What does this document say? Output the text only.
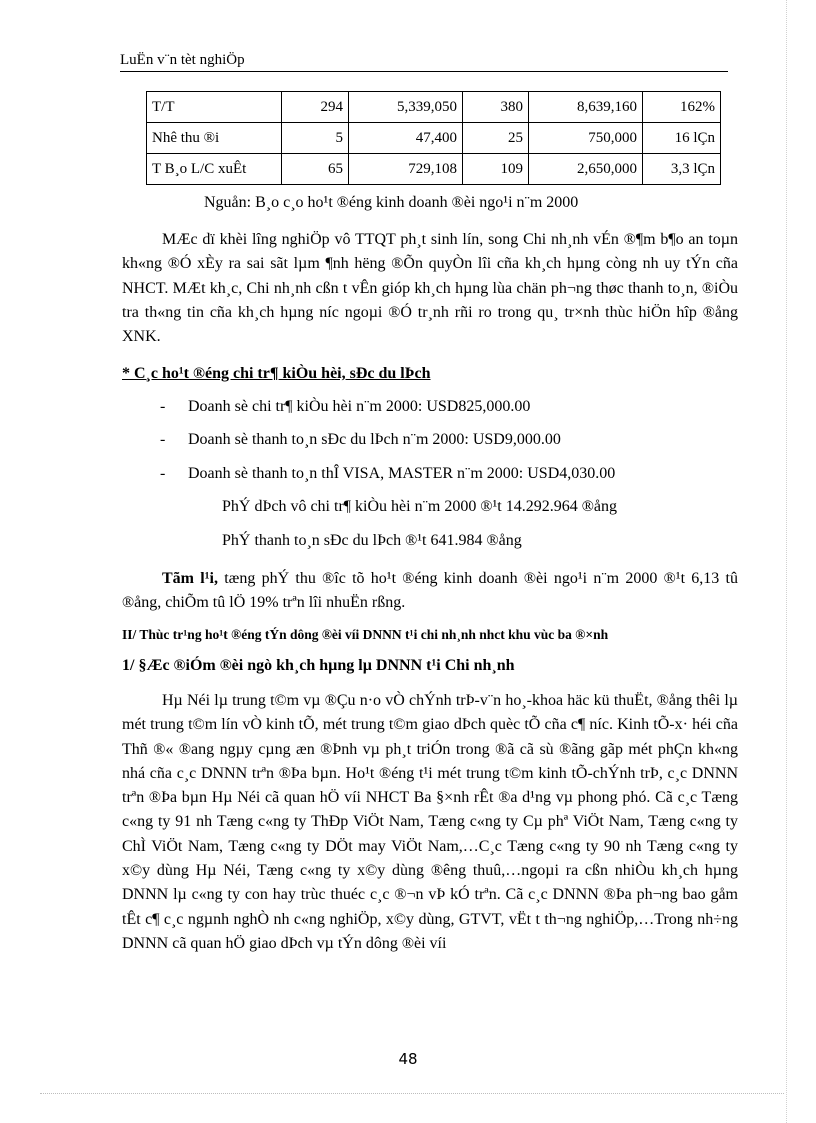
LuËn v¨n tèt nghiÖp
T/T	294	5,339,050	380	8,639,160	162%
Nhê thu ®i	5	47,400	25	750,000	16 lÇn
T B¸o L/C xuÊt	65	729,108	109	2,650,000	3,3 lÇn
Nguån: B¸o c¸o ho¹t ®éng kinh doanh ®èi ngo¹i n¨m 2000
MÆc dï khèi lîng nghiÖp vô TTQT ph¸t sinh lín, song Chi nh¸nh vÉn ®¶m b¶o an toµn kh«ng ®Ó xÈy ra sai sãt lµm ¶nh hëng ®Õn quyÒn lîi cña kh¸ch hµng còng nh uy tÝn cña NHCT. MÆt kh¸c, Chi nh¸nh cßn t vÊn gióp kh¸ch hµng lùa chän ph¬ng thøc thanh to¸n, ®iÒu tra th«ng tin cña kh¸ch hµng níc ngoµi ®Ó tr¸nh rñi ro trong qu¸ tr×nh thùc hiÖn hîp ®ång XNK.
* C¸c ho¹t ®éng chi tr¶ kiÒu hèi, sÐc du lÞch
- Doanh sè chi tr¶ kiÒu hèi n¨m 2000: USD825,000.00
- Doanh sè thanh to¸n sÐc du lÞch n¨m 2000: USD9,000.00
- Doanh sè thanh to¸n thÎ VISA, MASTER n¨m 2000: USD4,030.00
PhÝ dÞch vô chi tr¶ kiÒu hèi n¨m 2000 ®¹t 14.292.964 ®ång
PhÝ thanh to¸n sÐc du lÞch ®¹t 641.984 ®ång
Tãm l¹i, tæng phÝ thu ®îc tõ ho¹t ®éng kinh doanh ®èi ngo¹i n¨m 2000 ®¹t 6,13 tû ®ång, chiÕm tû lÖ 19% trªn lîi nhuËn rßng.
II/ Thùc tr¹ng ho¹t ®éng tÝn dông ®èi víi DNNN t¹i chi nh¸nh nhct khu vùc ba ®×nh
1/ §Æc ®iÓm ®èi ngò kh¸ch hµng lµ DNNN t¹i Chi nh¸nh
Hµ Néi lµ trung t©m vµ ®Çu n·o vÒ chÝnh trÞ-v¨n ho¸-khoa häc kü thuËt, ®ång thêi lµ mét trung t©m lín vÒ kinh tÕ, mét trung t©m giao dÞch quèc tÕ cña c¶ níc. Kinh tÕ-x· héi cña Thñ ®« ®ang ngµy cµng æn ®Þnh vµ ph¸t triÓn trong ®ã cã sù ®ãng gãp mét phÇn kh«ng nhá cña c¸c DNNN trªn ®Þa bµn. Ho¹t ®éng t¹i mét trung t©m kinh tÕ-chÝnh trÞ, c¸c DNNN trªn ®Þa bµn Hµ Néi cã quan hÖ víi NHCT Ba §×nh rÊt ®a d¹ng vµ phong phó. Cã c¸c Tæng c«ng ty 91 nh Tæng c«ng ty ThÐp ViÖt Nam, Tæng c«ng ty Cµ phª ViÖt Nam, Tæng c«ng ty ChÌ ViÖt Nam, Tæng c«ng ty DÖt may ViÖt Nam,…C¸c Tæng c«ng ty 90 nh Tæng c«ng ty x©y dùng Hµ Néi, Tæng c«ng ty x©y dùng ®êng thuû,…ngoµi ra cßn nhiÒu kh¸ch hµng DNNN lµ c«ng ty con hay trùc thuéc c¸c ®¬n vÞ kÓ trªn. Cã c¸c DNNN ®Þa ph¬ng bao gåm tÊt c¶ c¸c ngµnh nghÒ nh c«ng nghiÖp, x©y dùng, GTVT, vËt t th¬ng nghiÖp,…Trong nh÷ng DNNN cã quan hÖ giao dÞch vµ tÝn dông ®èi víi
48
